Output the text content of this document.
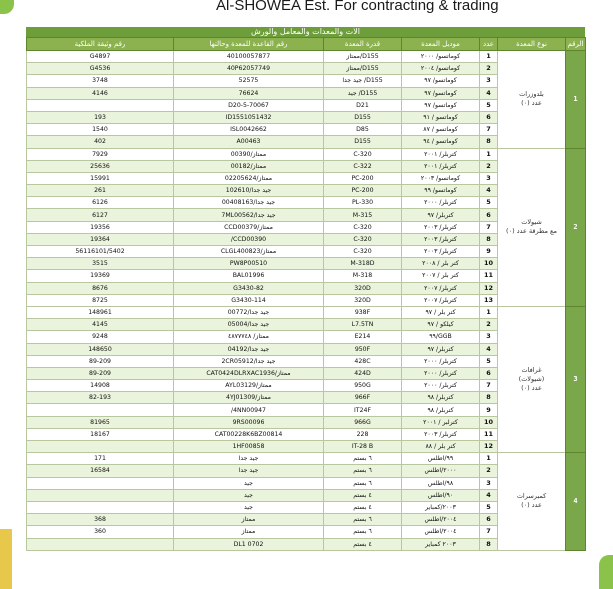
Al-SHOWEA Est. For contracting & trading
الات والمعدات والمعامل والورش
الرقم	نوع المعدة	عدد	موديل المعدة	قدرة المعدة	رقم القاعدة للمعدة وحالتها	رقم وثيقة الملكية
1	بلدوزرات
عدد (٠)	1	كوماتسو/ ٢٠٠٠	D155/ممتاز	40100057877	G4897
		2	كوماتسو/ ٢٠٠٤	D155/ممتاز	40P62057749	G4536
		3	كوماتسو/ ٩٧	D155/ جيد جدا	52575	3748
		4	كوماتسو/ ٩٧	D155/ جيد	76624	4146
		5	كوماتسو/ ٩٧	D21	D20-5-70067	
		6	كوماتسو / ٩١	D155	ID1551051432	193
		7	كوماتسو / ٨٧	D85	ISL0042662	1540
		8	كوماتسو / ٩٤	D155	A00463	402
2	شيولات
مع مطرقة عدد (٠)	1	كتربلر/ ٢٠٠١	C-320	ممتاز/00390	7929
		2	كتربلر/ ٢٠٠١	C-322	ممتاز/00182	25636
		3	كوماتسو/ ٢٠٠٣	PC-200	ممتاز/02205624	15991
		4	كوماتسو/ ٩٩	PC-200	جيد جدا/102610	261
		5	كتربلر/ ٢٠٠٠	PL-330	جيد جدا/00408163	6126
		6	كتربلر/ ٩٧	M-315	جيد جدا/7ML00562	6127
		7	كتربلر/ ٢٠٠٣	C-320	ممتاز/CCD00379	19356
		8	كتربلر/ ٢٠٠٣	C-320	CCD00390/	19364
		9	كتربلر/ ٢٠٠٣	C-320	ممتاز/CLGL400823	56116101/5402
		10	كتر بلر / ٢٠٠٨	M-318D	PW8P00510	3515
		11	كتر بلر / ٢٠٠٧	M-318	BAL01996	19369
		12	كتربلر/ ٢٠٠٧	320D	G3430-82	8676
		13	كتربلر/ ٢٠٠٧	320D	G3430-114	8725
3	غرافات
(شيولات)
عدد (٠)	1	كتر بلر / ٩٧	938F	جيد جدا/00772	148961
		2	كيلكو / ٩٧	L7.5TN	جيد جدا/05004	4145
		3	GGB/٩٩	E214	ممتاز/ ٤٨٧٧٧٤٨	9248
		4	كتربلر/ ٩٧	950F	جيد جدا/04192	148650
		5	كتربلر/ ٢٠٠٠	428C	جيد جدا/2CR05912	89-209
		6	كتربلر/ ٢٠٠٠	424D	ممتاز/CAT0424DLRXAC1936	89-209
		7	كتربلر/ ٢٠٠٠	950G	ممتاز/AYL03129	14908
		8	كتربلر/ ٩٨	966F	ممتاز/4YJ01309	82-193
		9	كتربلر/ ٩٨	IT24F	4NN00947/	
		10	كترلبر / ٢٠٠١	966G	9RS00096	81965
		11	كتربلر/ ٢٠٠٣	228	CAT00228K6BZ00814	18167
		12	كتر بلر / ٨٨	IT-28 B	1HF00858	
4	كمبرسرات
عدد (٠)	1	٩٩/اطلس	٦ بستم	جيد جدا	171
		2	٢٠٠٠/اطلس	٦ بستم	جيد جدا	16584
		3	٩٨/اطلس	٦ بستم	جيد	
		4	٩٠/اطلس	٤ بستم	جيد	
		5	٢٠٠٣/كمباير	٤ بستم	جيد	
		6	٢٠٠٤/اطلس	٦ بستم	ممتاز	368
		7	٢٠٠٤/اطلس	٦ بستم	ممتاز	360
		8	٢٠٠٣ كمباير	٤ بستم	DL1 0702	
